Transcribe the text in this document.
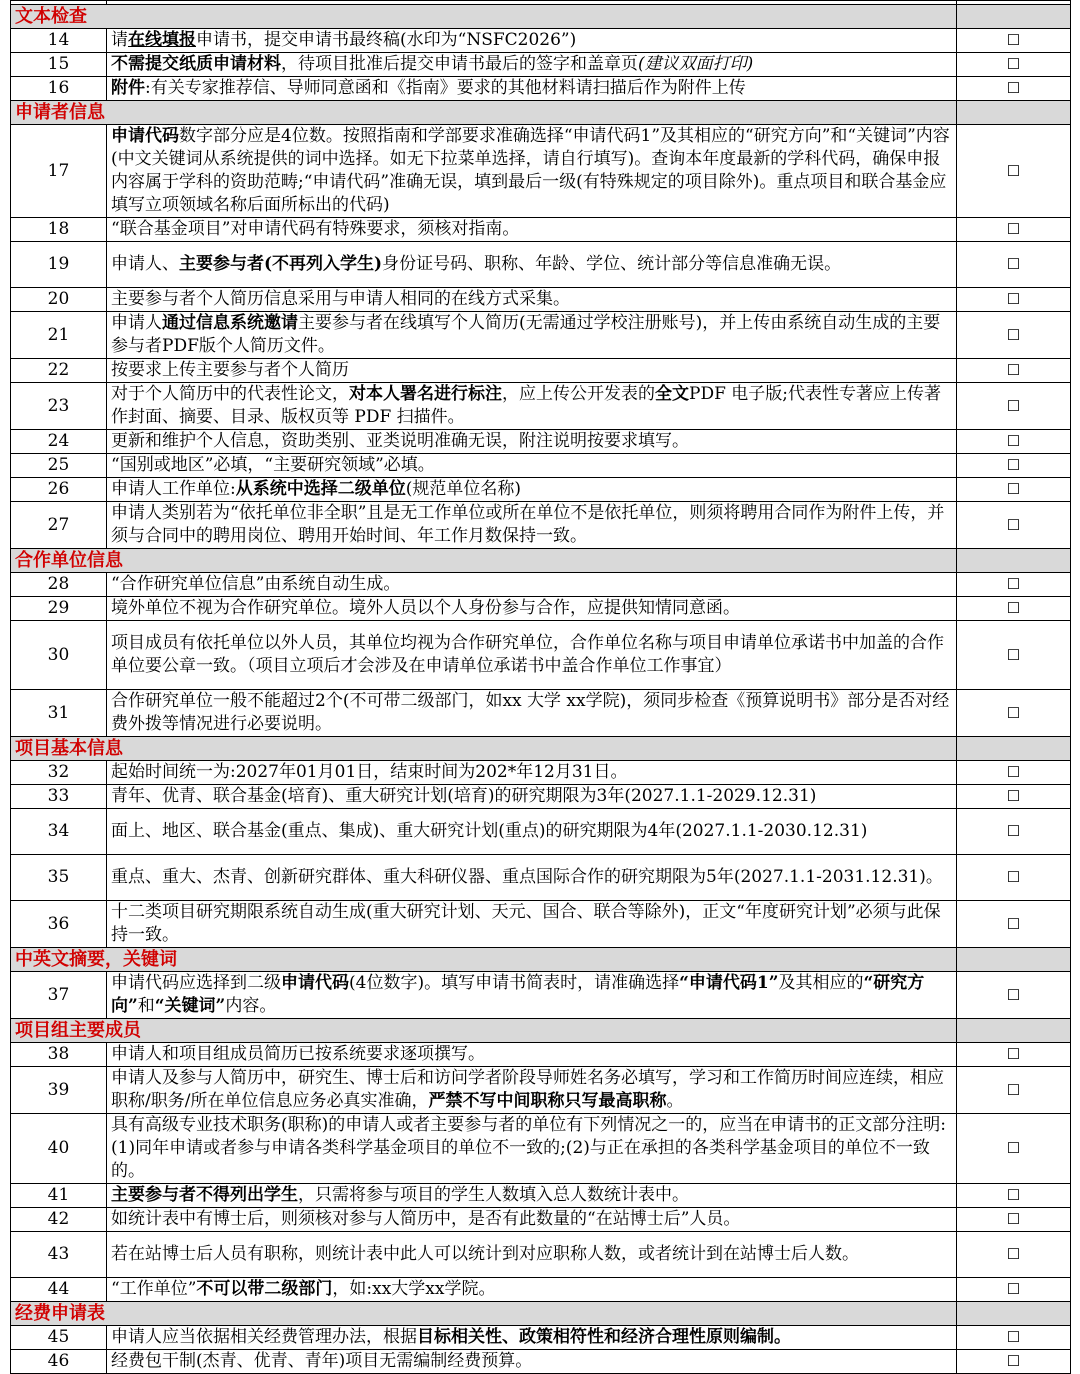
文本检查		
14	请在线填报申请书，提交申请书最终稿(水印为“NSFC2026”)	☐
15	不需提交纸质申请材料，待项目批准后提交申请书最后的签字和盖章页(建议双面打印)	☐
16	附件:有关专家推荐信、导师同意函和《指南》要求的其他材料请扫描后作为附件上传	☐
申请者信息		
17	申请代码数字部分应是4位数。按照指南和学部要求准确选择“申请代码1”及其相应的“研究方向”和“关键词”内容(中文关键词从系统提供的词中选择。如无下拉菜单选择，请自行填写)。查询本年度最新的学科代码，确保申报内容属于学科的资助范畴;“申请代码”准确无误，填到最后一级(有特殊规定的项目除外)。重点项目和联合基金应填写立项领域名称后面所标出的代码)	☐
18	“联合基金项目”对申请代码有特殊要求，须核对指南。	☐
19	申请人、主要参与者(不再列入学生)身份证号码、职称、年龄、学位、统计部分等信息准确无误。	☐
20	主要参与者个人简历信息采用与申请人相同的在线方式采集。	☐
21	申请人通过信息系统邀请主要参与者在线填写个人简历(无需通过学校注册账号)，并上传由系统自动生成的主要参与者PDF版个人简历文件。	☐
22	按要求上传主要参与者个人简历	☐
23	对于个人简历中的代表性论文，对本人署名进行标注，应上传公开发表的全文PDF 电子版;代表性专著应上传著作封面、摘要、目录、版权页等 PDF 扫描件。	☐
24	更新和维护个人信息，资助类别、亚类说明准确无误，附注说明按要求填写。	☐
25	“国别或地区”必填，“主要研究领域”必填。	☐
26	申请人工作单位:从系统中选择二级单位(规范单位名称)	☐
27	申请人类别若为“依托单位非全职”且是无工作单位或所在单位不是依托单位，则须将聘用合同作为附件上传，并须与合同中的聘用岗位、聘用开始时间、年工作月数保持一致。	☐
合作单位信息		
28	“合作研究单位信息”由系统自动生成。	☐
29	境外单位不视为合作研究单位。境外人员以个人身份参与合作，应提供知情同意函。	☐
30	项目成员有依托单位以外人员，其单位均视为合作研究单位，合作单位名称与项目申请单位承诺书中加盖的合作单位要公章一致。（项目立项后才会涉及在申请单位承诺书中盖合作单位工作事宜）	☐
31	合作研究单位一般不能超过2个(不可带二级部门，如xx 大学 xx学院)，须同步检查《预算说明书》部分是否对经费外拨等情况进行必要说明。	☐
项目基本信息		
32	起始时间统一为:2027年01月01日，结束时间为202*年12月31日。	☐
33	青年、优青、联合基金(培育)、重大研究计划(培育)的研究期限为3年(2027.1.1-2029.12.31)	☐
34	面上、地区、联合基金(重点、集成)、重大研究计划(重点)的研究期限为4年(2027.1.1-2030.12.31)	☐
35	重点、重大、杰青、创新研究群体、重大科研仪器、重点国际合作的研究期限为5年(2027.1.1-2031.12.31)。	☐
36	十二类项目研究期限系统自动生成(重大研究计划、天元、国合、联合等除外)，正文“年度研究计划”必须与此保持一致。	☐
中英文摘要，关键词		
37	申请代码应选择到二级申请代码(4位数字)。填写申请书简表时，请准确选择“申请代码1”及其相应的“研究方向”和“关键词”内容。	☐
项目组主要成员		
38	申请人和项目组成员简历已按系统要求逐项撰写。	☐
39	申请人及参与人简历中，研究生、博士后和访问学者阶段导师姓名务必填写，学习和工作简历时间应连续，相应职称/职务/所在单位信息应务必真实准确，严禁不写中间职称只写最高职称。	☐
40	具有高级专业技术职务(职称)的申请人或者主要参与者的单位有下列情况之一的，应当在申请书的正文部分注明:(1)同年申请或者参与申请各类科学基金项目的单位不一致的;(2)与正在承担的各类科学基金项目的单位不一致的。	☐
41	主要参与者不得列出学生，只需将参与项目的学生人数填入总人数统计表中。	☐
42	如统计表中有博士后，则须核对参与人简历中，是否有此数量的“在站博士后”人员。	☐
43	若在站博士后人员有职称，则统计表中此人可以统计到对应职称人数，或者统计到在站博士后人数。	☐
44	“工作单位”不可以带二级部门，如:xx大学xx学院。	☐
经费申请表		
45	申请人应当依据相关经费管理办法，根据目标相关性、政策相符性和经济合理性原则编制。	☐
46	经费包干制(杰青、优青、青年)项目无需编制经费预算。	☐
